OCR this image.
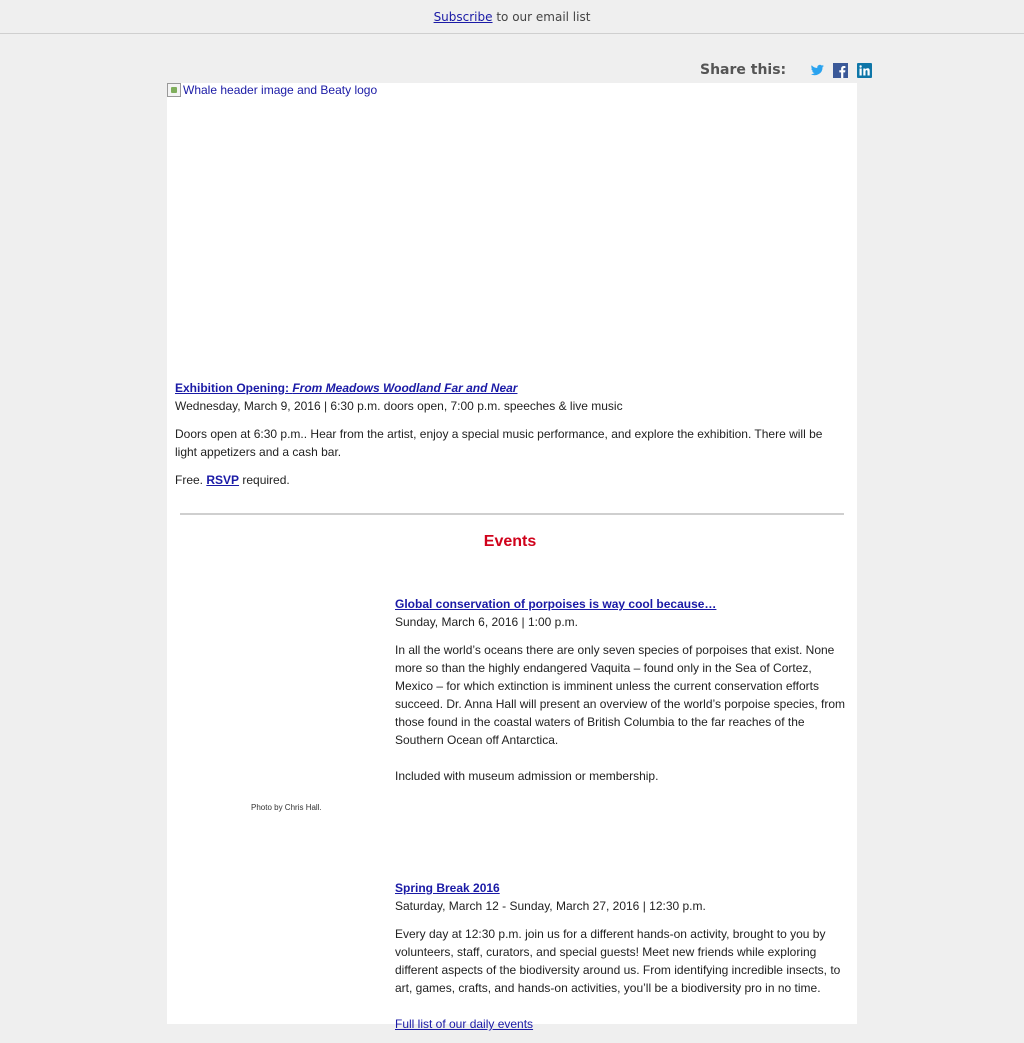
Subscribe to our email list
Share this:
Whale header image and Beaty logo

Exhibition Opening: From Meadows Woodland Far and Near
Wednesday, March 9, 2016 | 6:30 p.m. doors open, 7:00 p.m. speeches & live music

Doors open at 6:30 p.m.. Hear from the artist, enjoy a special music performance, and explore the exhibition. There will be light appetizers and a cash bar.

Free. RSVP required.

Events

Global conservation of porpoises is way cool because…
Sunday, March 6, 2016 | 1:00 p.m.

In all the world’s oceans there are only seven species of porpoises that exist. None more so than the highly endangered Vaquita – found only in the Sea of Cortez, Mexico – for which extinction is imminent unless the current conservation efforts succeed. Dr. Anna Hall will present an overview of the world’s porpoise species, from those found in the coastal waters of British Columbia to the far reaches of the Southern Ocean off Antarctica.

Included with museum admission or membership.

Photo by Chris Hall.

Spring Break 2016
Saturday, March 12 - Sunday, March 27, 2016 | 12:30 p.m.

Every day at 12:30 p.m. join us for a different hands-on activity, brought to you by volunteers, staff, curators, and special guests! Meet new friends while exploring different aspects of the biodiversity around us. From identifying incredible insects, to art, games, crafts, and hands-on activities, you’ll be a biodiversity pro in no time.

Full list of our daily events
